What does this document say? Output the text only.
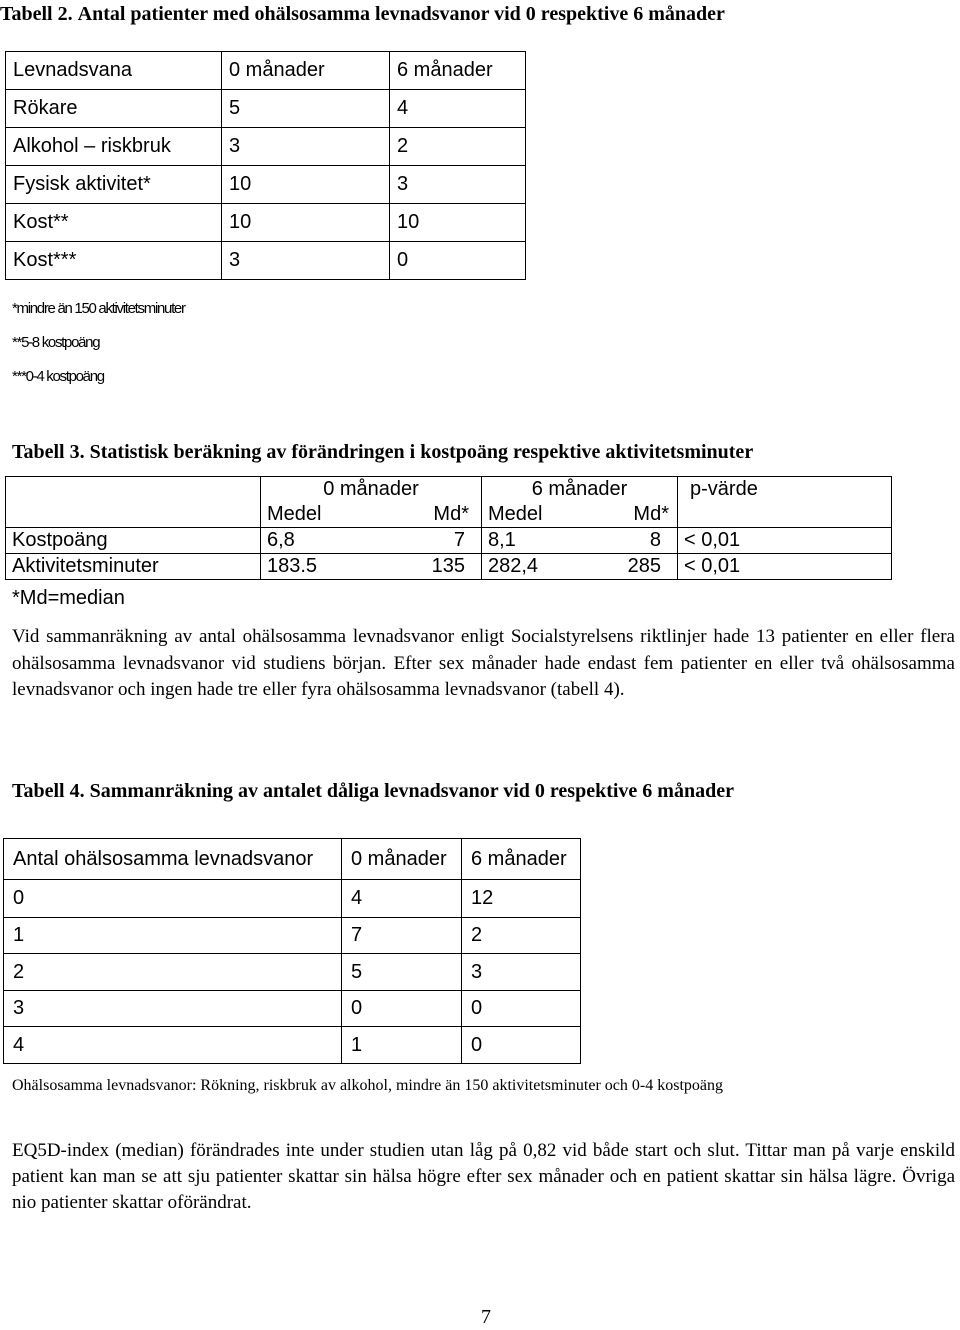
Tabell 2. Antal patienter med ohälsosamma levnadsvanor vid 0 respektive 6 månader
Levnadsvana	0 månader	6 månader
Rökare	5	4
Alkohol – riskbruk	3	2
Fysisk aktivitet*	10	3
Kost**	10	10
Kost***	3	0
*mindre än 150 aktivitetsminuter
**5-8 kostpoäng
***0-4 kostpoäng
Tabell 3. Statistisk beräkning av förändringen i kostpoäng respektive aktivitetsminuter
	0 månader		6 månader		p-värde
	Medel	Md*	Medel	Md*	
Kostpoäng	6,8	7	8,1	8	< 0,01
Aktivitetsminuter	183.5	135	282,4	285	< 0,01
*Md=median
Vid sammanräkning av antal ohälsosamma levnadsvanor enligt Socialstyrelsens riktlinjer hade 13 patienter en eller flera ohälsosamma levnadsvanor vid studiens början. Efter sex månader hade endast fem patienter en eller två ohälsosamma levnadsvanor och ingen hade tre eller fyra ohälsosamma levnadsvanor (tabell 4).
Tabell 4. Sammanräkning av antalet dåliga levnadsvanor vid 0 respektive 6 månader
Antal ohälsosamma levnadsvanor	0 månader	6 månader
0	4	12
1	7	2
2	5	3
3	0	0
4	1	0
Ohälsosamma levnadsvanor: Rökning, riskbruk av alkohol, mindre än 150 aktivitetsminuter och 0-4 kostpoäng
EQ5D-index (median) förändrades inte under studien utan låg på 0,82 vid både start och slut. Tittar man på varje enskild patient kan man se att sju patienter skattar sin hälsa högre efter sex månader och en patient skattar sin hälsa lägre. Övriga nio patienter skattar oförändrat.
7
